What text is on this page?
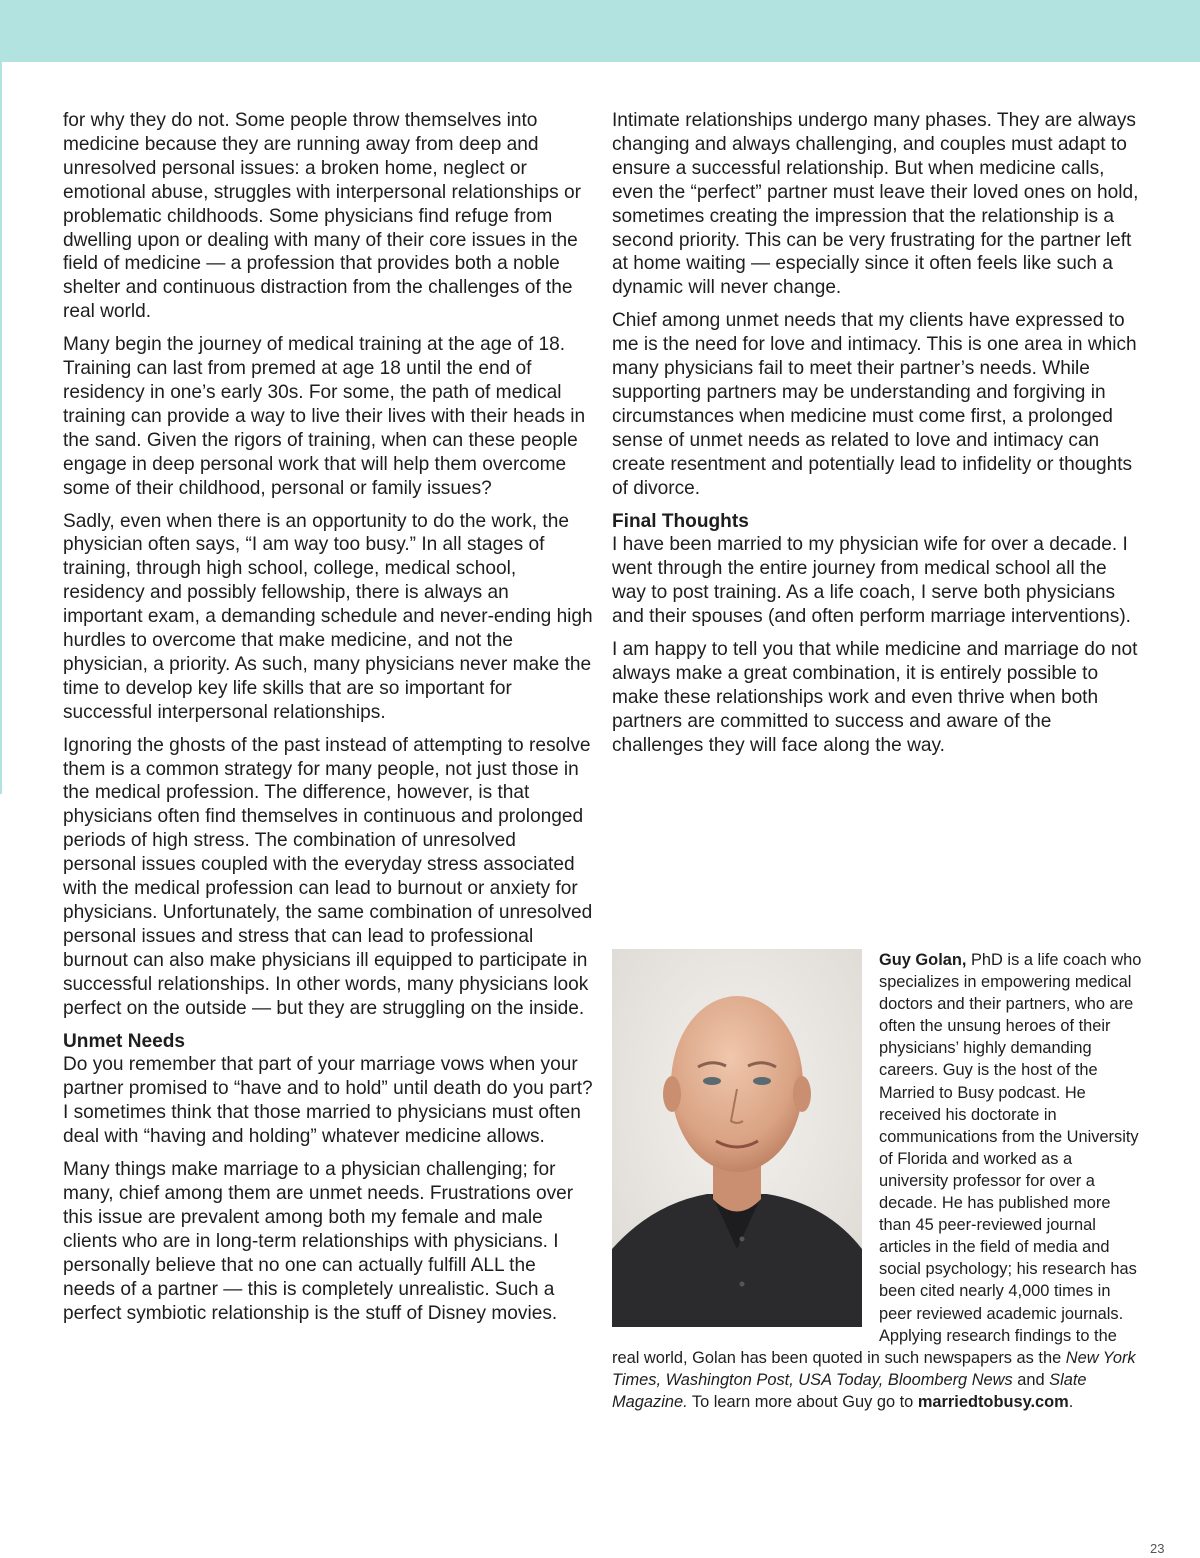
for why they do not. Some people throw themselves into medicine because they are running away from deep and unresolved personal issues: a broken home, neglect or emotional abuse, struggles with interpersonal relationships or problematic childhoods. Some physicians find refuge from dwelling upon or dealing with many of their core issues in the field of medicine — a profession that provides both a noble shelter and continuous distraction from the challenges of the real world.

Many begin the journey of medical training at the age of 18. Training can last from premed at age 18 until the end of residency in one’s early 30s. For some, the path of medical training can provide a way to live their lives with their heads in the sand. Given the rigors of training, when can these people engage in deep personal work that will help them overcome some of their childhood, personal or family issues?

Sadly, even when there is an opportunity to do the work, the physician often says, “I am way too busy.” In all stages of training, through high school, college, medical school, residency and possibly fellowship, there is always an important exam, a demanding schedule and never-ending high hurdles to overcome that make medicine, and not the physician, a priority. As such, many physicians never make the time to develop key life skills that are so important for successful interpersonal relationships.

Ignoring the ghosts of the past instead of attempting to resolve them is a common strategy for many people, not just those in the medical profession. The difference, however, is that physicians often find themselves in continuous and prolonged periods of high stress. The combination of unresolved personal issues coupled with the everyday stress associated with the medical profession can lead to burnout or anxiety for physicians. Unfortunately, the same combination of unresolved personal issues and stress that can lead to professional burnout can also make physicians ill equipped to participate in successful relationships. In other words, many physicians look perfect on the outside — but they are struggling on the inside.

Unmet Needs

Do you remember that part of your marriage vows when your partner promised to “have and to hold” until death do you part? I sometimes think that those married to physicians must often deal with “having and holding” whatever medicine allows.

Many things make marriage to a physician challenging; for many, chief among them are unmet needs. Frustrations over this issue are prevalent among both my female and male clients who are in long-term relationships with physicians. I personally believe that no one can actually fulfill ALL the needs of a partner — this is completely unrealistic. Such a perfect symbiotic relationship is the stuff of Disney movies.

Intimate relationships undergo many phases. They are always changing and always challenging, and couples must adapt to ensure a successful relationship. But when medicine calls, even the “perfect” partner must leave their loved ones on hold, sometimes creating the impression that the relationship is a second priority. This can be very frustrating for the partner left at home waiting — especially since it often feels like such a dynamic will never change.

Chief among unmet needs that my clients have expressed to me is the need for love and intimacy. This is one area in which many physicians fail to meet their partner’s needs. While supporting partners may be understanding and forgiving in circumstances when medicine must come first, a prolonged sense of unmet needs as related to love and intimacy can create resentment and potentially lead to infidelity or thoughts of divorce.

Final Thoughts

I have been married to my physician wife for over a decade. I went through the entire journey from medical school all the way to post training. As a life coach, I serve both physicians and their spouses (and often perform marriage interventions).

I am happy to tell you that while medicine and marriage do not always make a great combination, it is entirely possible to make these relationships work and even thrive when both partners are committed to success and aware of the challenges they will face along the way.

Guy Golan, PhD is a life coach who specializes in empowering medical doctors and their partners, who are often the unsung heroes of their physicians’ highly demanding careers. Guy is the host of the Married to Busy podcast. He received his doctorate in communications from the University of Florida and worked as a university professor for over a decade. He has published more than 45 peer-reviewed journal articles in the field of media and social psychology; his research has been cited nearly 4,000 times in peer reviewed academic journals. Applying research findings to the real world, Golan has been quoted in such newspapers as the New York Times, Washington Post, USA Today, Bloomberg News and Slate Magazine. To learn more about Guy go to marriedtobusy.com.
23
